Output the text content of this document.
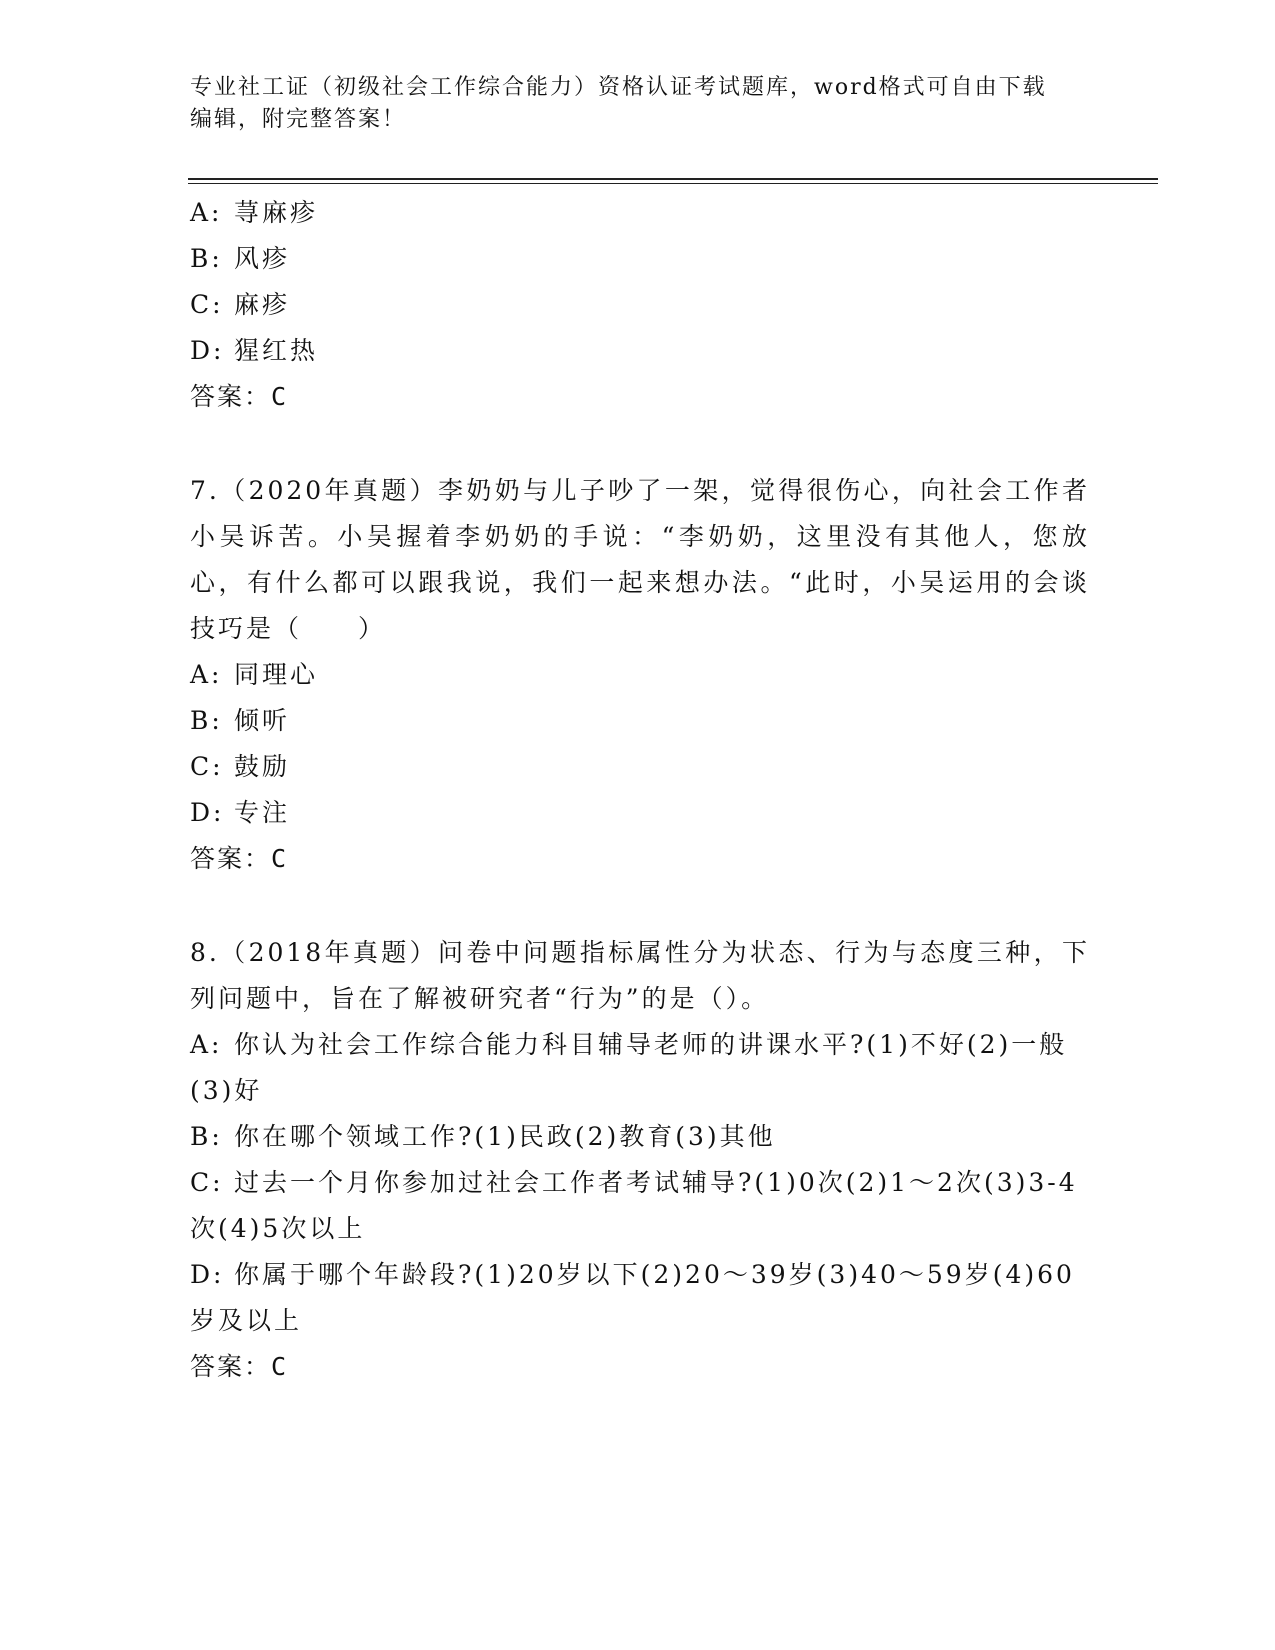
专业社工证（初级社会工作综合能力）资格认证考试题库，word格式可自由下载
编辑，附完整答案！
A: 荨麻疹
B: 风疹
C: 麻疹
D: 猩红热
答案：C
7.（2020年真题）李奶奶与儿子吵了一架，觉得很伤心，向社会工作者小吴诉苦。小吴握着李奶奶的手说：“李奶奶，这里没有其他人，您放心，有什么都可以跟我说，我们一起来想办法。“此时，小吴运用的会谈技巧是（　　）
A: 同理心
B: 倾听
C: 鼓励
D: 专注
答案：C
8.（2018年真题）问卷中问题指标属性分为状态、行为与态度三种，下列问题中，旨在了解被研究者“行为”的是（）。
A: 你认为社会工作综合能力科目辅导老师的讲课水平?(1)不好(2)一般(3)好
B: 你在哪个领域工作?(1)民政(2)教育(3)其他
C: 过去一个月你参加过社会工作者考试辅导?(1)0次(2)1～2次(3)3-4次(4)5次以上
D: 你属于哪个年龄段?(1)20岁以下(2)20～39岁(3)40～59岁(4)60岁及以上
答案：C
